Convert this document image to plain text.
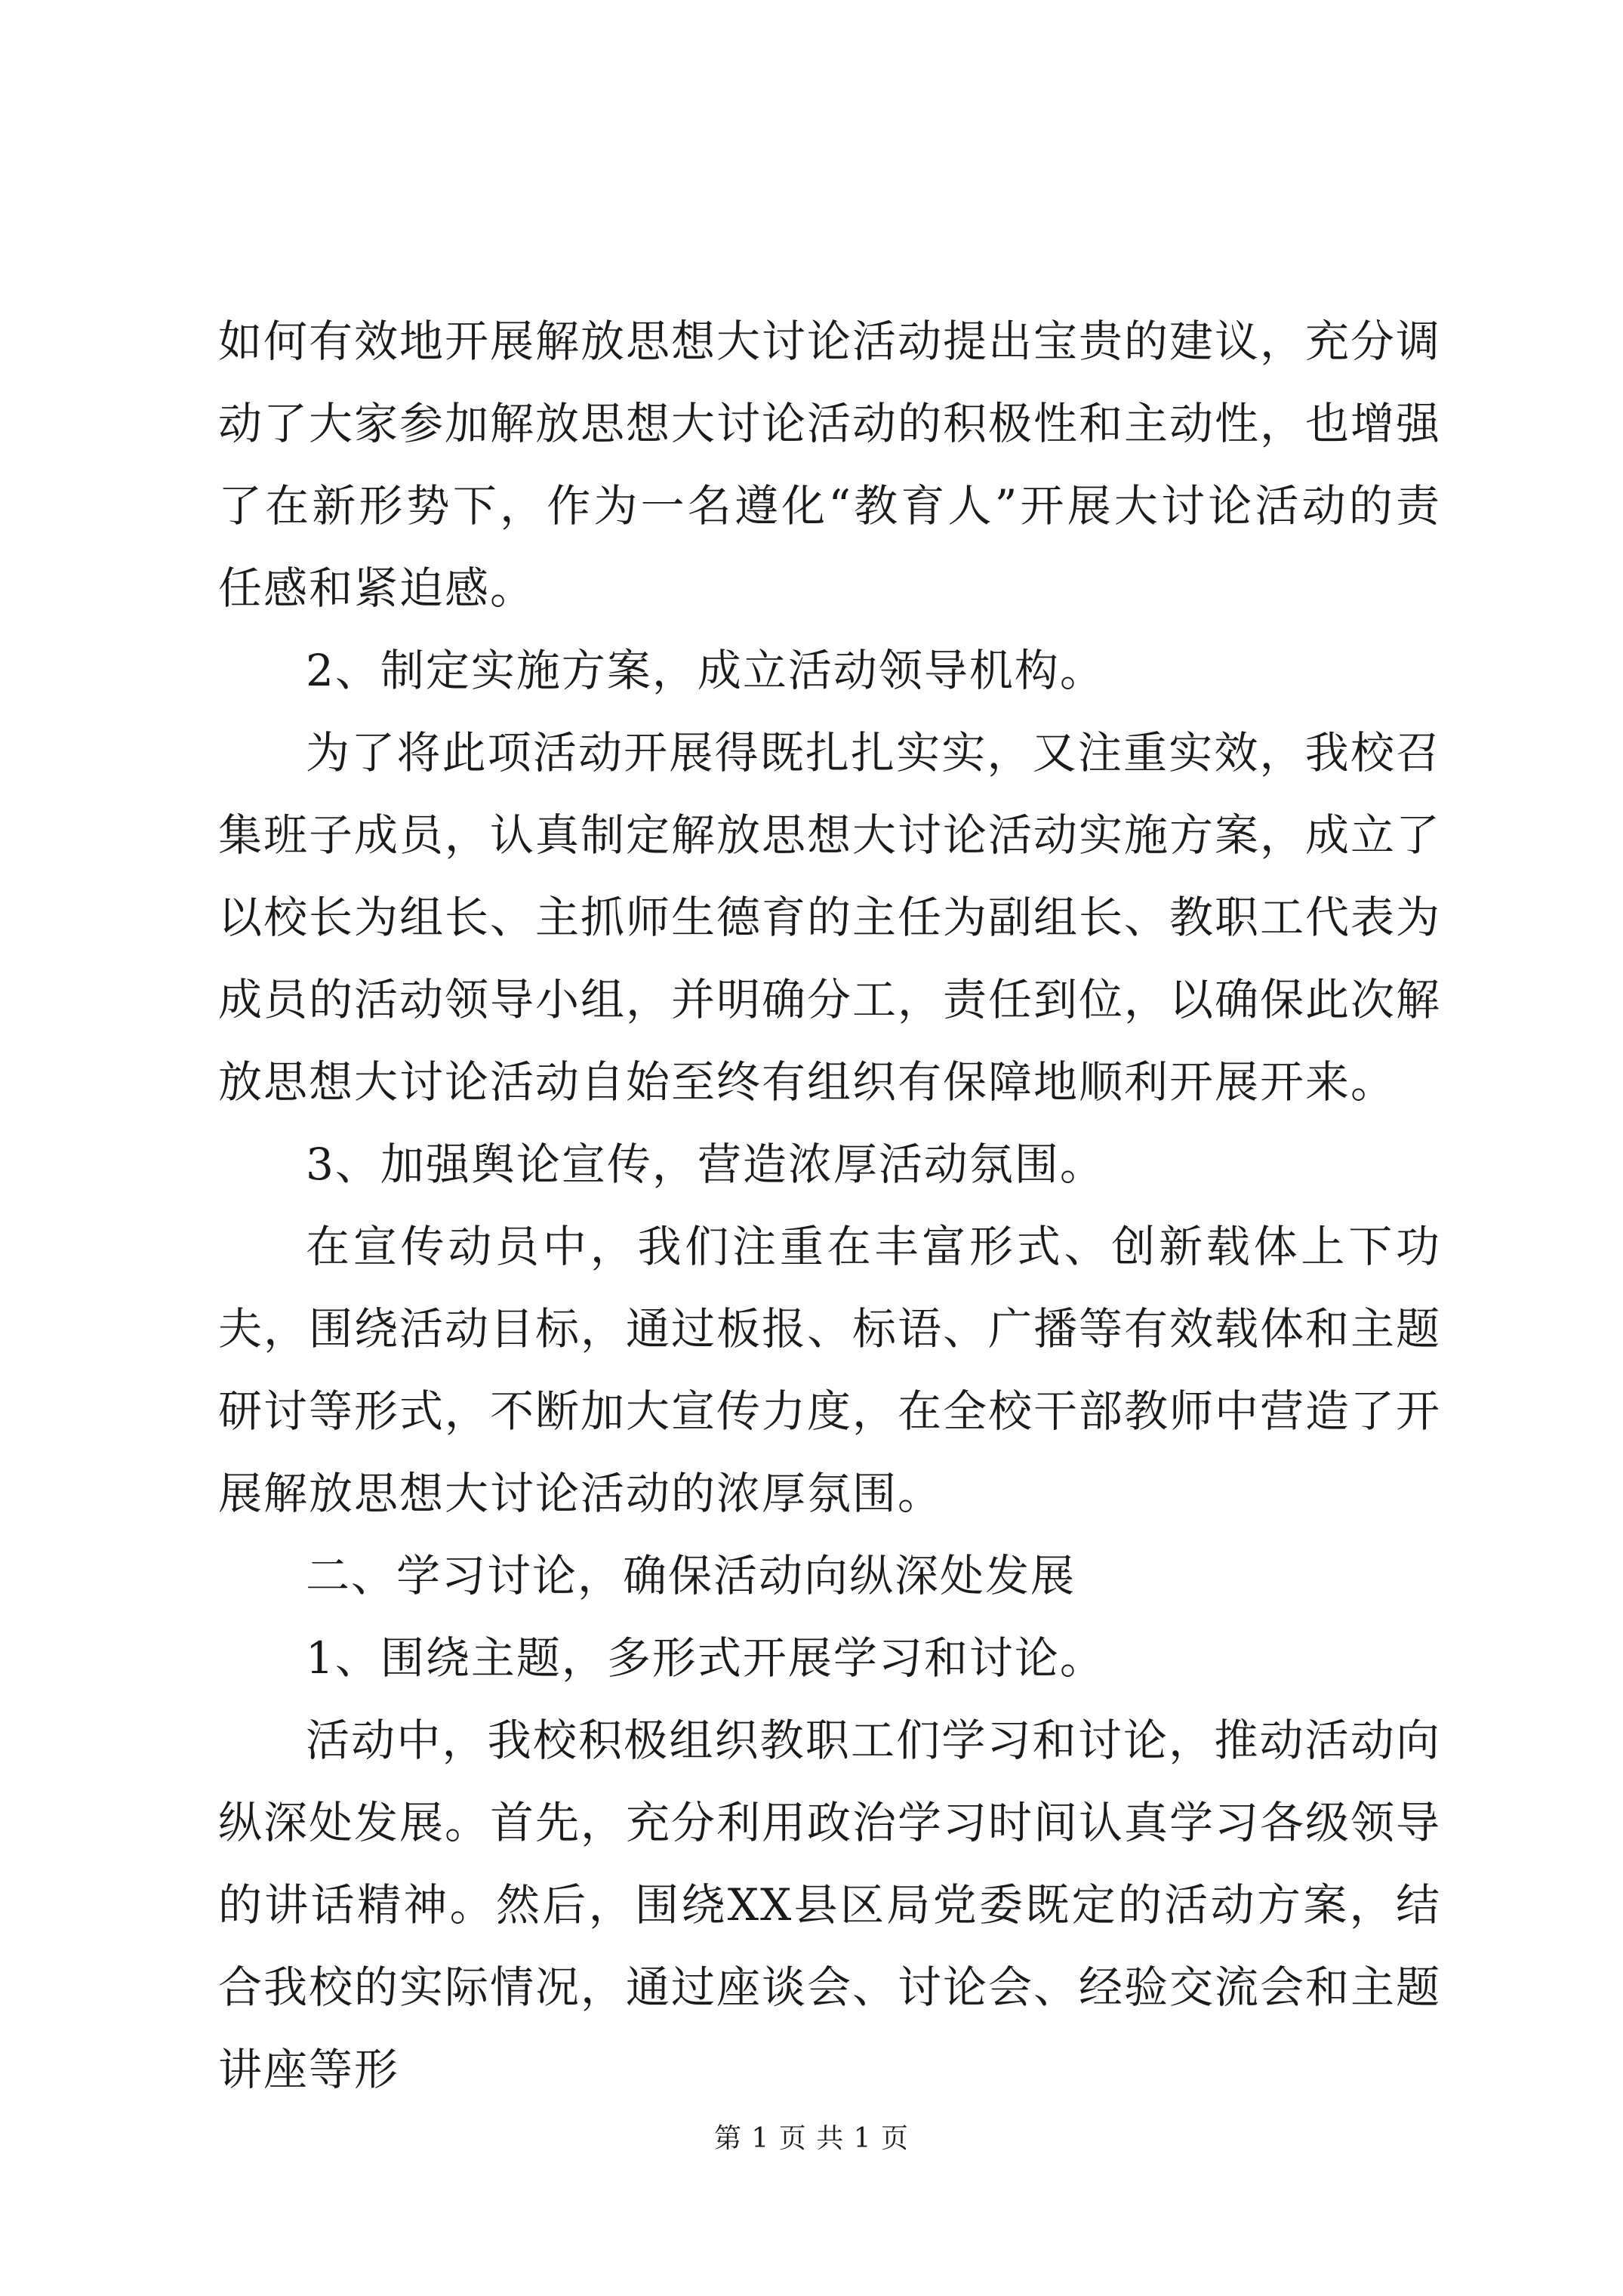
如何有效地开展解放思想大讨论活动提出宝贵的建议，充分调动了大家参加解放思想大讨论活动的积极性和主动性，也增强了在新形势下，作为一名遵化“教育人”开展大讨论活动的责任感和紧迫感。

2、制定实施方案，成立活动领导机构。

为了将此项活动开展得既扎扎实实，又注重实效，我校召集班子成员，认真制定解放思想大讨论活动实施方案，成立了以校长为组长、主抓师生德育的主任为副组长、教职工代表为成员的活动领导小组，并明确分工，责任到位，以确保此次解放思想大讨论活动自始至终有组织有保障地顺利开展开来。

3、加强舆论宣传，营造浓厚活动氛围。

在宣传动员中，我们注重在丰富形式、创新载体上下功夫，围绕活动目标，通过板报、标语、广播等有效载体和主题研讨等形式，不断加大宣传力度，在全校干部教师中营造了开展解放思想大讨论活动的浓厚氛围。

二、学习讨论，确保活动向纵深处发展

1、围绕主题，多形式开展学习和讨论。

活动中，我校积极组织教职工们学习和讨论，推动活动向纵深处发展。首先，充分利用政治学习时间认真学习各级领导的讲话精神。然后，围绕XX县区局党委既定的活动方案，结合我校的实际情况，通过座谈会、讨论会、经验交流会和主题讲座等形

第 1 页 共 1 页
